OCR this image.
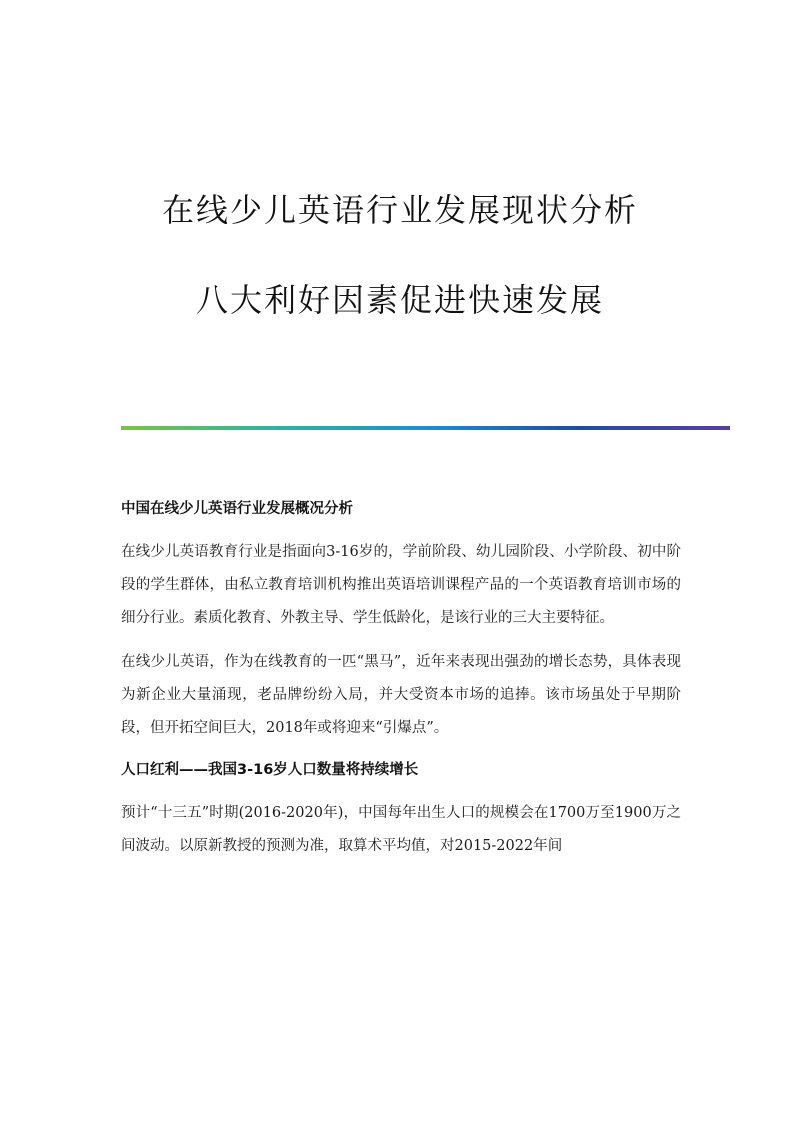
在线少儿英语行业发展现状分析
八大利好因素促进快速发展
中国在线少儿英语行业发展概况分析

在线少儿英语教育行业是指面向3-16岁的，学前阶段、幼儿园阶段、小学阶段、初中阶段的学生群体，由私立教育培训机构推出英语培训课程产品的一个英语教育培训市场的细分行业。素质化教育、外教主导、学生低龄化，是该行业的三大主要特征。

在线少儿英语，作为在线教育的一匹“黑马”，近年来表现出强劲的增长态势，具体表现为新企业大量涌现，老品牌纷纷入局，并大受资本市场的追捧。该市场虽处于早期阶段，但开拓空间巨大，2018年或将迎来“引爆点”。

人口红利——我国3-16岁人口数量将持续增长

预计“十三五”时期(2016-2020年)，中国每年出生人口的规模会在1700万至1900万之间波动。以原新教授的预测为准，取算术平均值，对2015-2022年间
